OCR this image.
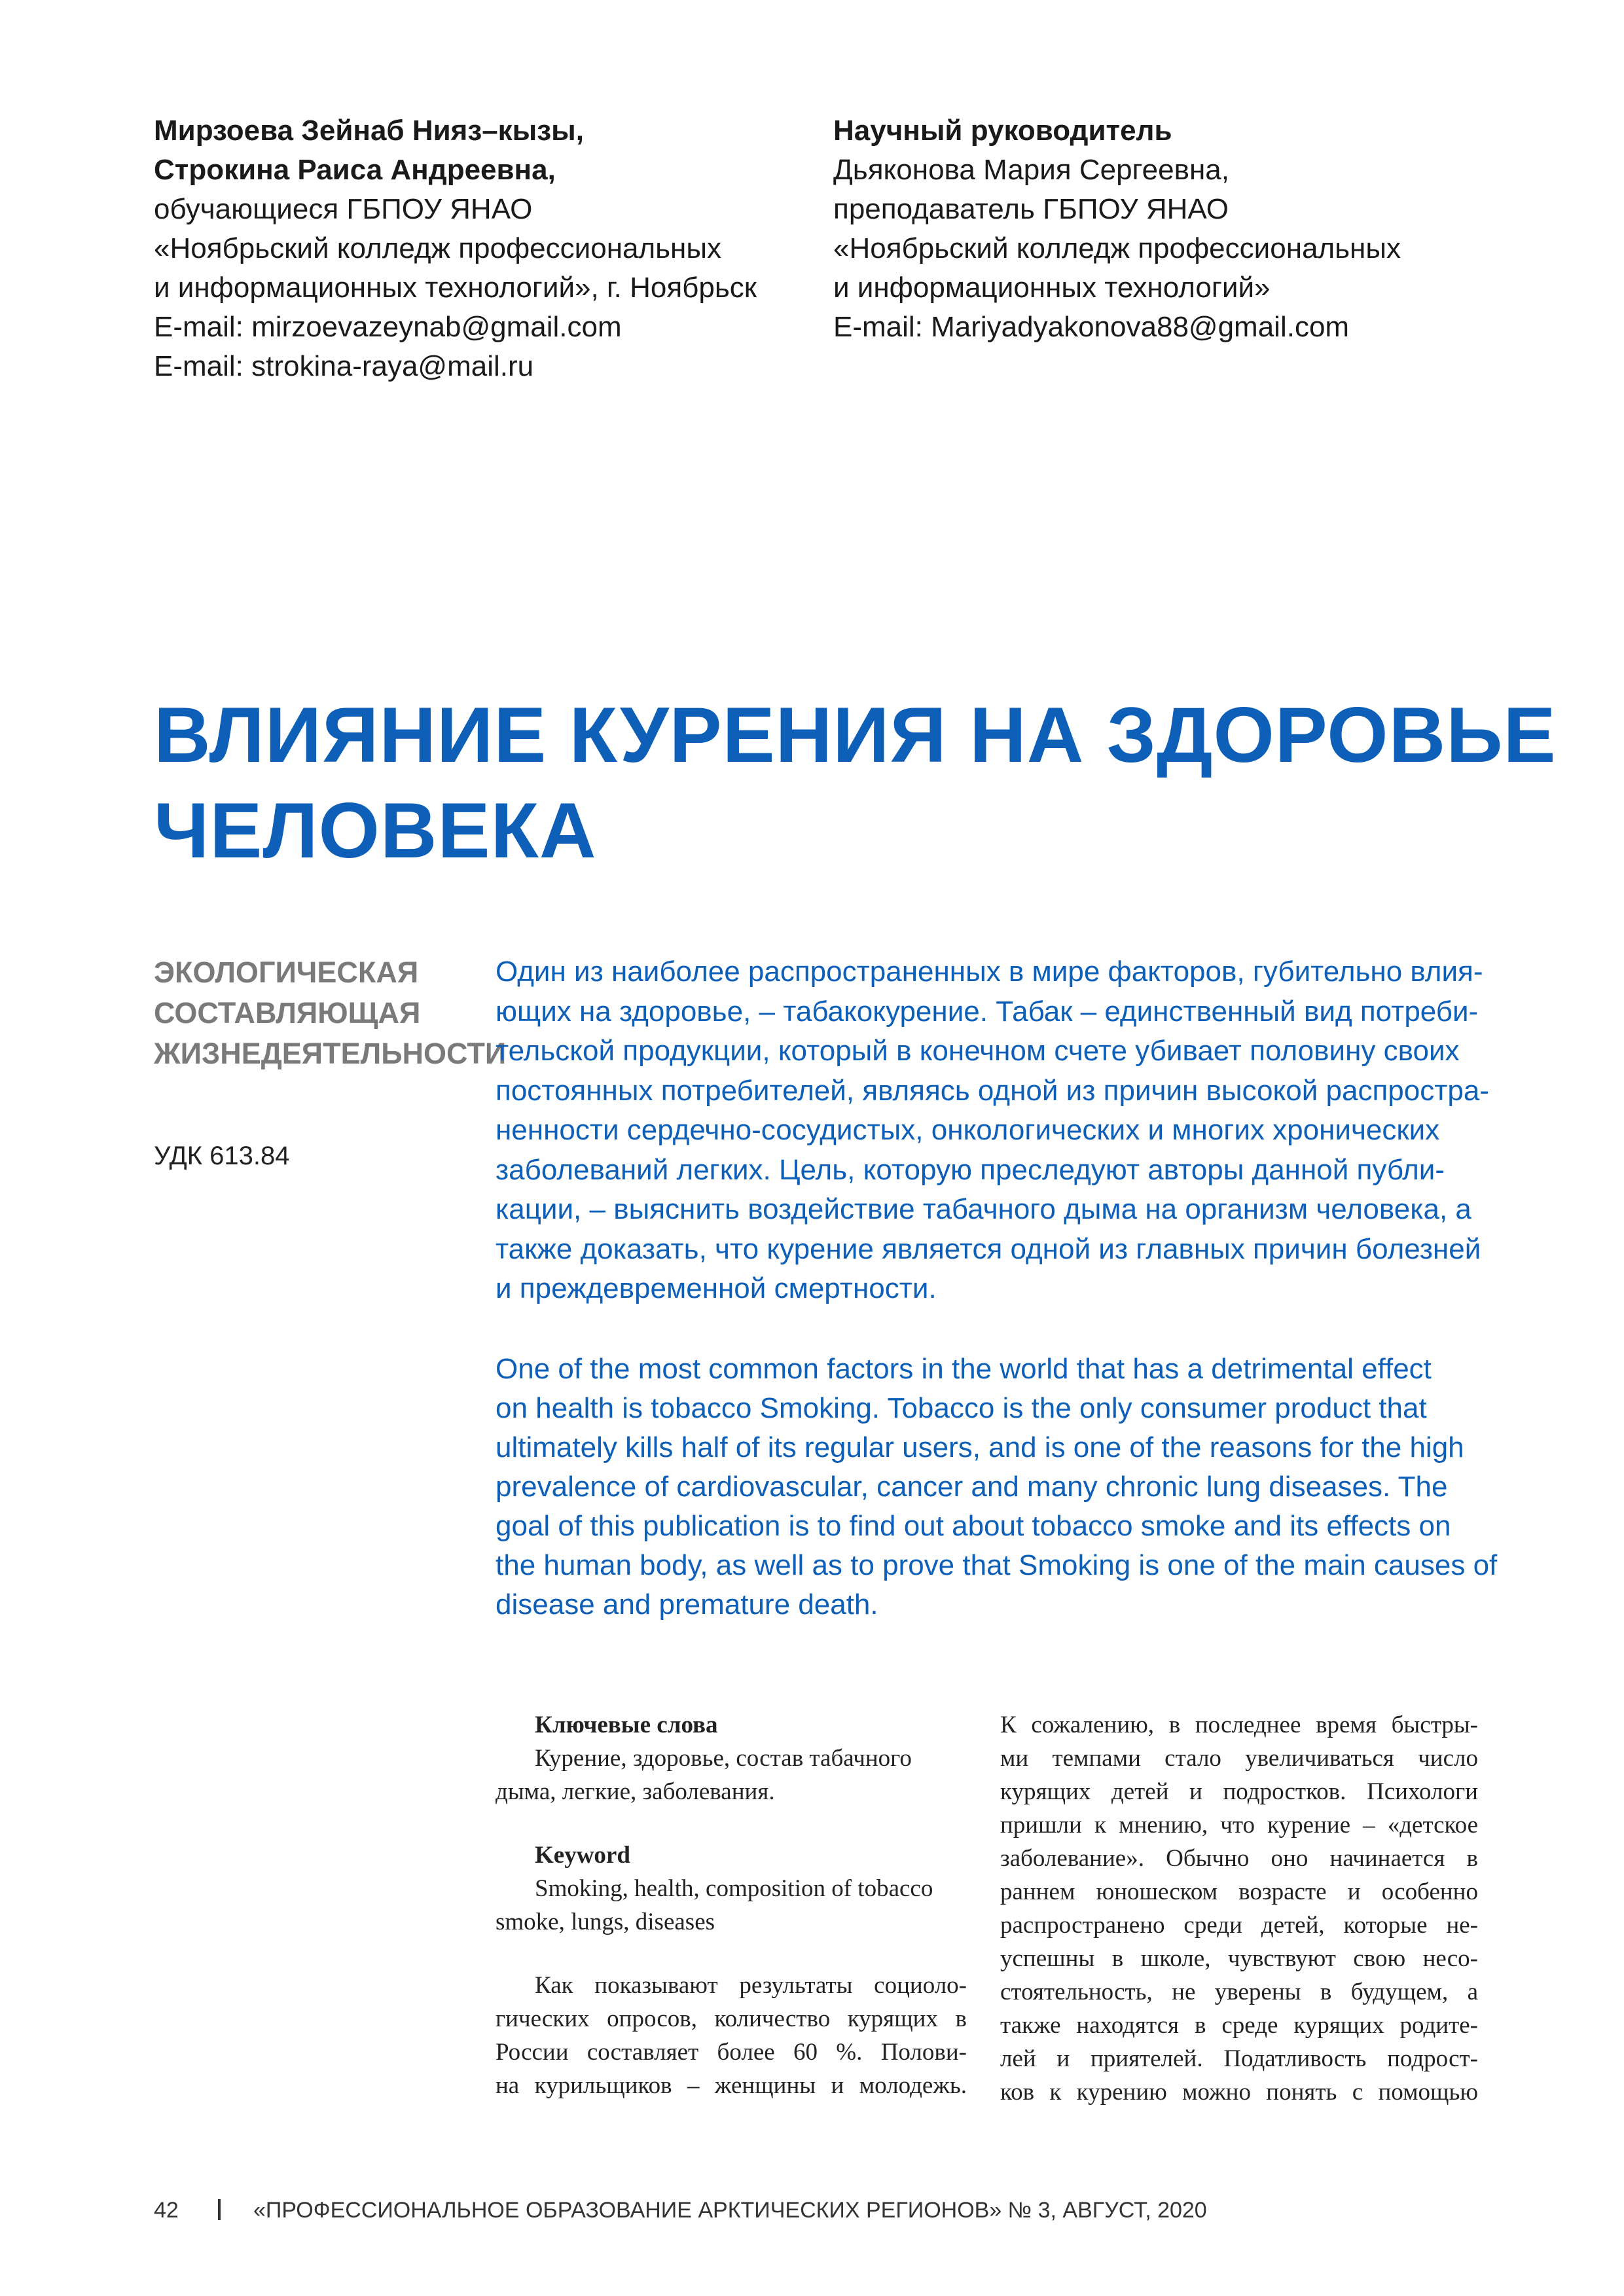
Мирзоева Зейнаб Нияз–кызы,
Строкина Раиса Андреевна,
обучающиеся ГБПОУ ЯНАО
«Ноябрьский колледж профессиональных
и информационных технологий», г. Ноябрьск
E-mail: mirzoevazeynab@gmail.com
E-mail: strokina-raya@mail.ru
Научный руководитель
Дьяконова Мария Сергеевна,
преподаватель ГБПОУ ЯНАО
«Ноябрьский колледж профессиональных
и информационных технологий»
E-mail: Mariyadyakonova88@gmail.com
ВЛИЯНИЕ КУРЕНИЯ НА ЗДОРОВЬЕ
ЧЕЛОВЕКА
ЭКОЛОГИЧЕСКАЯ
СОСТАВЛЯЮЩАЯ
ЖИЗНЕДЕЯТЕЛЬНОСТИ
УДК 613.84
Один из наиболее распространенных в мире факторов, губительно влия-
ющих на здоровье, – табакокурение. Табак – единственный вид потреби-
тельской продукции, который в конечном счете убивает половину своих
постоянных потребителей, являясь одной из причин высокой распростра-
ненности сердечно-сосудистых, онкологических и многих хронических
заболеваний легких. Цель, которую преследуют авторы данной публи-
кации, – выяснить воздействие табачного дыма на организм человека, а
также доказать, что курение является одной из главных причин болезней
и преждевременной смертности.
One of the most common factors in the world that has a detrimental effect
on health is tobacco Smoking. Tobacco is the only consumer product that
ultimately kills half of its regular users, and is one of the reasons for the high
prevalence of cardiovascular, cancer and many chronic lung diseases. The
goal of this publication is to find out about tobacco smoke and its effects on
the human body, as well as to prove that Smoking is one of the main causes of
disease and premature death.
Ключевые слова
Курение, здоровье, состав табачного
дыма, легкие, заболевания.
Keyword
Smoking, health, composition of tobacco
smoke, lungs, diseases
Как показывают результаты социоло-
гических опросов, количество курящих в
России составляет более 60 %. Полови-
на курильщиков – женщины и молодежь.
К сожалению, в последнее время быстры-
ми темпами стало увеличиваться число
курящих детей и подростков. Психологи
пришли к мнению, что курение – «детское
заболевание». Обычно оно начинается в
раннем юношеском возрасте и особенно
распространено среди детей, которые не-
успешны в школе, чувствуют свою несо-
стоятельность, не уверены в будущем, а
также находятся в среде курящих родите-
лей и приятелей. Податливость подрост-
ков к курению можно понять с помощью
42	«ПРОФЕССИОНАЛЬНОЕ ОБРАЗОВАНИЕ АРКТИЧЕСКИХ РЕГИОНОВ» № 3, АВГУСТ, 2020
